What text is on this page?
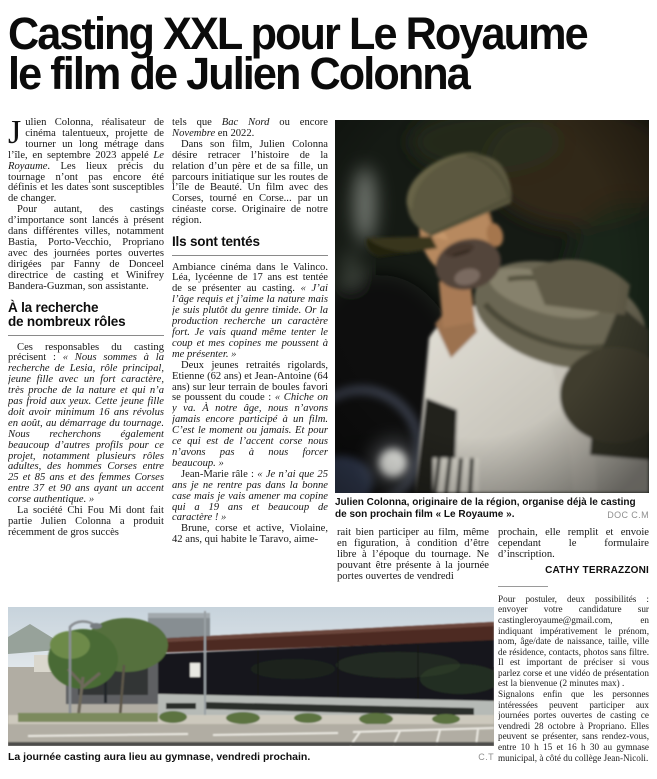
Casting XXL pour Le Royaume
le film de Julien Colonna

Julien Colonna, réalisateur de cinéma talentueux, projette de tourner un long métrage dans l’île, en septembre 2023 appelé Le Royaume. Les lieux précis du tournage n’ont pas encore été définis et les dates sont susceptibles de changer.

Pour autant, des castings d’importance sont lancés à présent dans différentes villes, notamment Bastia, Porto-Vecchio, Propriano avec des journées portes ouvertes dirigées par Fanny de Donceel directrice de casting et Winifrey Bandera-Guzman, son assistante.

À la recherche
de nombreux rôles

Ces responsables du casting précisent : « Nous sommes à la recherche de Lesia, rôle principal, jeune fille avec un fort caractère, très proche de la nature et qui n’a pas froid aux yeux. Cette jeune fille doit avoir minimum 16 ans révolus en août, au démarrage du tournage. Nous recherchons également beaucoup d’autres profils pour ce projet, notamment plusieurs rôles adultes, des hommes Corses entre 25 et 85 ans et des femmes Corses entre 37 et 90 ans ayant un accent corse authentique. »

La société Chi Fou Mi dont fait partie Julien Colonna a produit récemment de gros succès

tels que Bac Nord ou encore Novembre en 2022.

Dans son film, Julien Colonna désire retracer l’histoire de la relation d’un père et de sa fille, un parcours initiatique sur les routes de l’île de Beauté. Un film avec des Corses, tourné en Corse... par un cinéaste corse. Originaire de notre région.

Ils sont tentés

Ambiance cinéma dans le Valinco. Léa, lycéenne de 17 ans est tentée de se présenter au casting. « J’ai l’âge requis et j’aime la nature mais je suis plutôt du genre timide. Or la production recherche un caractère fort. Je vais quand même tenter le coup et mes copines me poussent à me présenter. »

Deux jeunes retraités rigolards, Etienne (62 ans) et Jean-Antoine (64 ans) sur leur terrain de boules favori se poussent du coude : « Chiche on y va. À notre âge, nous n’avons jamais encore participé à un film. C’est le moment ou jamais. Et pour ce qui est de l’accent corse nous n’avons pas à nous forcer beaucoup. »

Jean-Marie râle : « Je n’ai que 25 ans je ne rentre pas dans la bonne case mais je vais amener ma copine qui a 19 ans et beaucoup de caractère ! »

Brune, corse et active, Violaine, 42 ans, qui habite le Taravo, aime-

Julien Colonna, originaire de la région, organise déjà le casting de son prochain film « Le Royaume ».	DOC C.M

rait bien participer au film, même en figuration, à condition d’être libre à l’époque du tournage. Ne pouvant être présente à la journée portes ouvertes de vendredi

prochain, elle remplit et envoie cependant le formulaire d’inscription.

CATHY TERRAZZONI

Pour postuler, deux possibilités : envoyer votre candidature sur castingleroyaume@gmail.com, en indiquant impérativement le prénom, nom, âge/date de naissance, taille, ville de résidence, contacts, photos sans filtre. Il est important de préciser si vous parlez corse et une vidéo de présentation est la bienvenue (2 minutes max) .

Signalons enfin que les personnes intéressées peuvent participer aux journées portes ouvertes de casting ce vendredi 28 octobre à Propriano. Elles peuvent se présenter, sans rendez-vous, entre 10 h 15 et 16 h 30 au gymnase municipal, à côté du collège Jean-Nicoli.

La journée casting aura lieu au gymnase, vendredi prochain.	C.T
